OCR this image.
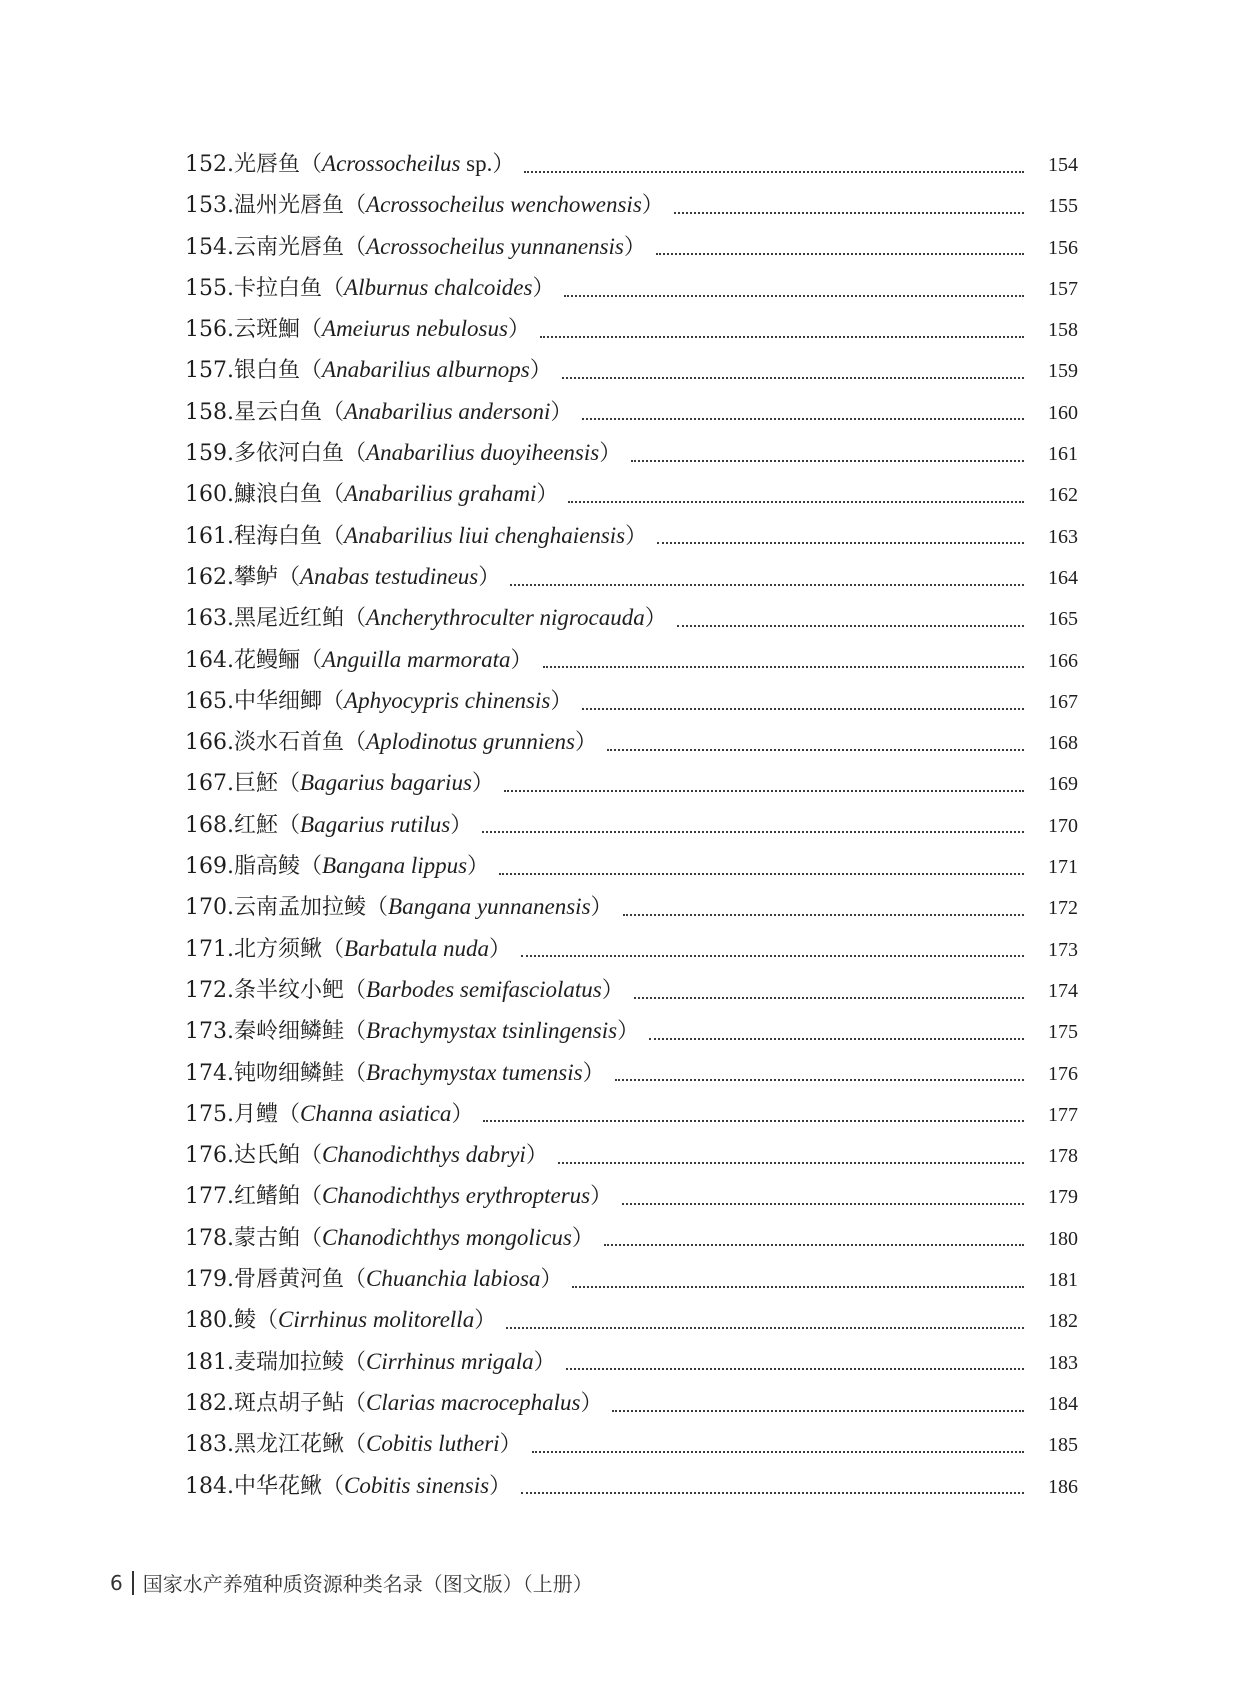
152.光唇鱼（Acrossocheilus sp.）	154
153.温州光唇鱼（Acrossocheilus wenchowensis）	155
154.云南光唇鱼（Acrossocheilus yunnanensis）	156
155.卡拉白鱼（Alburnus chalcoides）	157
156.云斑鮰（Ameiurus nebulosus）	158
157.银白鱼（Anabarilius alburnops）	159
158.星云白鱼（Anabarilius andersoni）	160
159.多依河白鱼（Anabarilius duoyiheensis）	161
160.鱇浪白鱼（Anabarilius grahami）	162
161.程海白鱼（Anabarilius liui chenghaiensis）	163
162.攀鲈（Anabas testudineus）	164
163.黑尾近红鲌（Ancherythroculter nigrocauda）	165
164.花鳗鲡（Anguilla marmorata）	166
165.中华细鲫（Aphyocypris chinensis）	167
166.淡水石首鱼（Aplodinotus grunniens）	168
167.巨魾（Bagarius bagarius）	169
168.红魾（Bagarius rutilus）	170
169.脂高鲮（Bangana lippus）	171
170.云南孟加拉鲮（Bangana yunnanensis）	172
171.北方须鳅（Barbatula nuda）	173
172.条半纹小鲃（Barbodes semifasciolatus）	174
173.秦岭细鳞鲑（Brachymystax tsinlingensis）	175
174.钝吻细鳞鲑（Brachymystax tumensis）	176
175.月鳢（Channa asiatica）	177
176.达氏鲌（Chanodichthys dabryi）	178
177.红鳍鲌（Chanodichthys erythropterus）	179
178.蒙古鲌（Chanodichthys mongolicus）	180
179.骨唇黄河鱼（Chuanchia labiosa）	181
180.鲮（Cirrhinus molitorella）	182
181.麦瑞加拉鲮（Cirrhinus mrigala）	183
182.斑点胡子鲇（Clarias macrocephalus）	184
183.黑龙江花鳅（Cobitis lutheri）	185
184.中华花鳅（Cobitis sinensis）	186
6 国家水产养殖种质资源种类名录（图文版）（上册）
